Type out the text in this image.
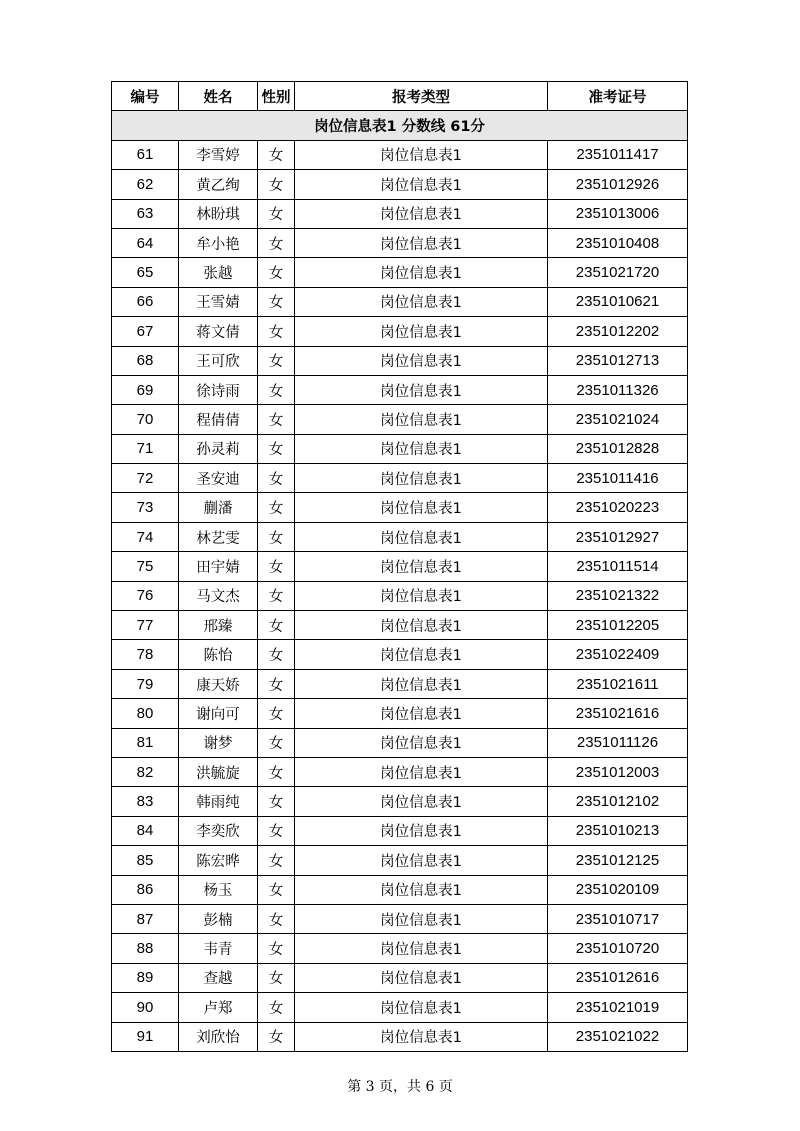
编号	姓名	性别	报考类型	准考证号
岗位信息表1 分数线 61分				
61	李雪婷	女	岗位信息表1	2351011417
62	黄乙绚	女	岗位信息表1	2351012926
63	林盼琪	女	岗位信息表1	2351013006
64	牟小艳	女	岗位信息表1	2351010408
65	张越	女	岗位信息表1	2351021720
66	王雪婧	女	岗位信息表1	2351010621
67	蒋文倩	女	岗位信息表1	2351012202
68	王可欣	女	岗位信息表1	2351012713
69	徐诗雨	女	岗位信息表1	2351011326
70	程倩倩	女	岗位信息表1	2351021024
71	孙灵莉	女	岗位信息表1	2351012828
72	圣安迪	女	岗位信息表1	2351011416
73	蒯潘	女	岗位信息表1	2351020223
74	林艺雯	女	岗位信息表1	2351012927
75	田宇婧	女	岗位信息表1	2351011514
76	马文杰	女	岗位信息表1	2351021322
77	邢臻	女	岗位信息表1	2351012205
78	陈怡	女	岗位信息表1	2351022409
79	康天娇	女	岗位信息表1	2351021611
80	谢向可	女	岗位信息表1	2351021616
81	谢梦	女	岗位信息表1	2351011126
82	洪毓旋	女	岗位信息表1	2351012003
83	韩雨纯	女	岗位信息表1	2351012102
84	李奕欣	女	岗位信息表1	2351010213
85	陈宏晔	女	岗位信息表1	2351012125
86	杨玉	女	岗位信息表1	2351020109
87	彭楠	女	岗位信息表1	2351010717
88	韦青	女	岗位信息表1	2351010720
89	查越	女	岗位信息表1	2351012616
90	卢郑	女	岗位信息表1	2351021019
91	刘欣怡	女	岗位信息表1	2351021022
第 3 页，共 6 页
